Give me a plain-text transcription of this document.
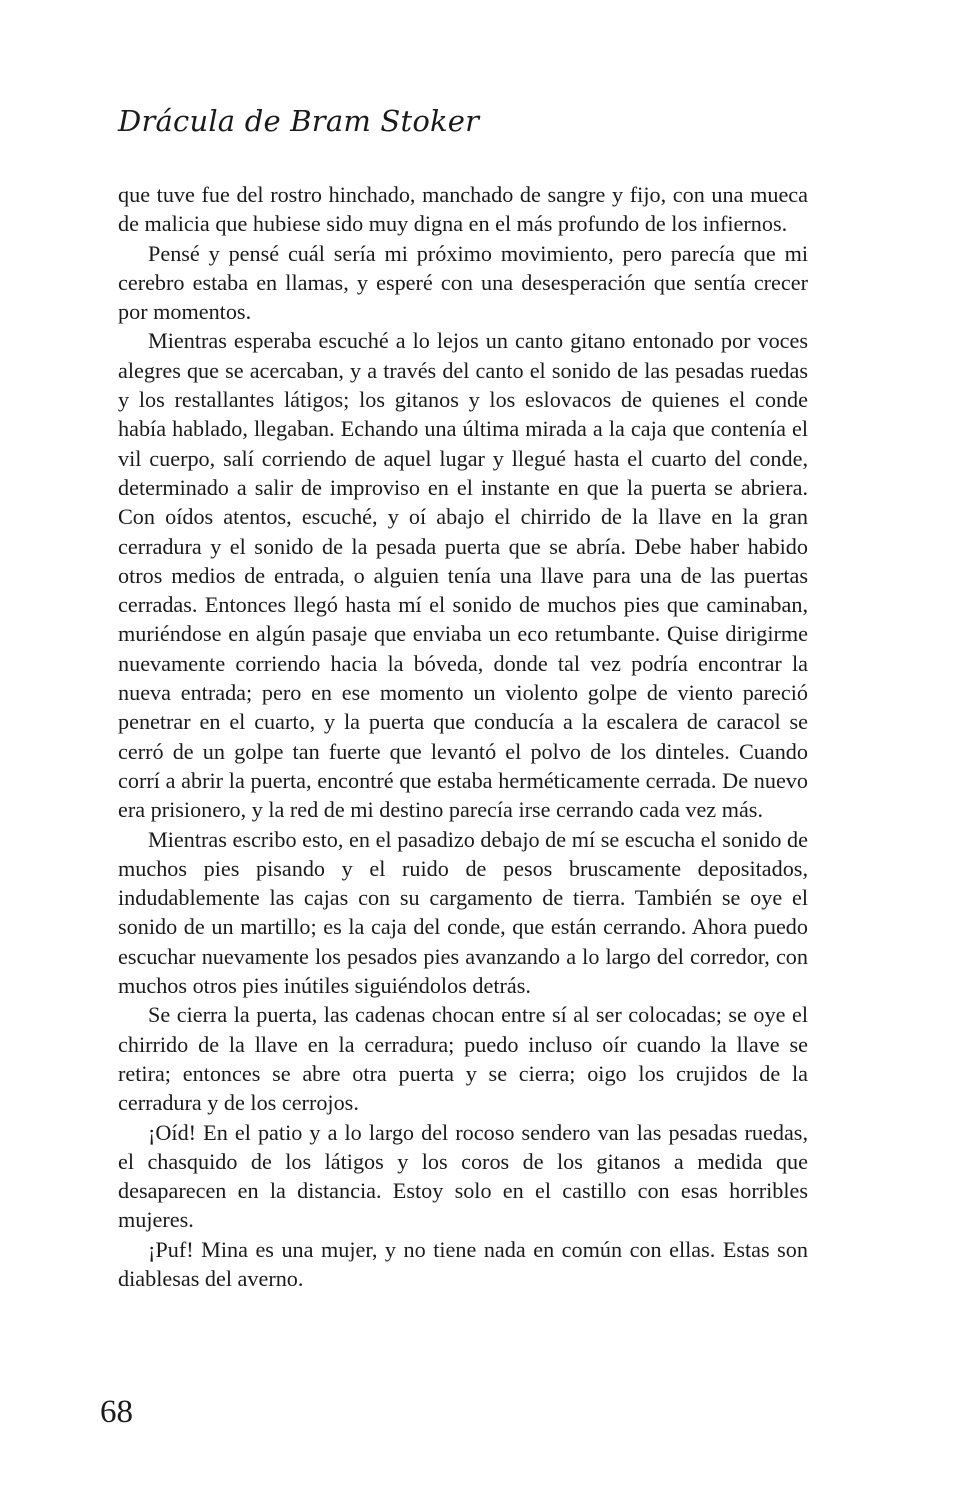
Drácula de Bram Stoker

que tuve fue del rostro hinchado, manchado de sangre y fijo, con una mueca de malicia que hubiese sido muy digna en el más profundo de los infiernos.

Pensé y pensé cuál sería mi próximo movimiento, pero parecía que mi cerebro estaba en llamas, y esperé con una desesperación que sentía crecer por momentos.

Mientras esperaba escuché a lo lejos un canto gitano entonado por voces alegres que se acercaban, y a través del canto el sonido de las pesadas ruedas y los restallantes látigos; los gitanos y los eslovacos de quienes el conde había hablado, llegaban. Echando una última mirada a la caja que contenía el vil cuerpo, salí corriendo de aquel lugar y llegué hasta el cuarto del conde, determinado a salir de improviso en el instante en que la puerta se abriera. Con oídos atentos, escuché, y oí abajo el chirrido de la llave en la gran cerradura y el sonido de la pesada puerta que se abría. Debe haber habido otros medios de entrada, o alguien tenía una llave para una de las puertas cerradas. Entonces llegó hasta mí el sonido de muchos pies que caminaban, muriéndose en algún pasaje que enviaba un eco retumbante. Quise dirigirme nuevamente corriendo hacia la bóveda, donde tal vez podría encontrar la nueva entrada; pero en ese momento un violento golpe de viento pareció penetrar en el cuarto, y la puerta que conducía a la escalera de caracol se cerró de un golpe tan fuerte que levantó el polvo de los dinteles. Cuando corrí a abrir la puerta, encontré que estaba herméticamente cerrada. De nuevo era prisionero, y la red de mi destino parecía irse cerrando cada vez más.

Mientras escribo esto, en el pasadizo debajo de mí se escucha el sonido de muchos pies pisando y el ruido de pesos bruscamente depositados, indudablemente las cajas con su cargamento de tierra. También se oye el sonido de un martillo; es la caja del conde, que están cerrando. Ahora puedo escuchar nuevamente los pesados pies avanzando a lo largo del corredor, con muchos otros pies inútiles siguiéndolos detrás.

Se cierra la puerta, las cadenas chocan entre sí al ser colocadas; se oye el chirrido de la llave en la cerradura; puedo incluso oír cuando la llave se retira; entonces se abre otra puerta y se cierra; oigo los crujidos de la cerradura y de los cerrojos.

¡Oíd! En el patio y a lo largo del rocoso sendero van las pesadas ruedas, el chasquido de los látigos y los coros de los gitanos a medida que desaparecen en la distancia. Estoy solo en el castillo con esas horribles mujeres.

¡Puf! Mina es una mujer, y no tiene nada en común con ellas. Estas son diablesas del averno.

68
